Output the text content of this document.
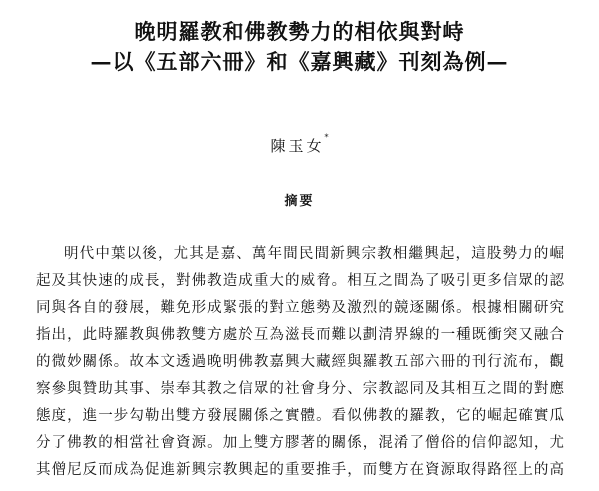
晚明羅教和佛教勢力的相依與對峙
—以《五部六冊》和《嘉興藏》刊刻為例—
陳玉女*
摘要
明代中葉以後，尤其是嘉、萬年間民間新興宗教相繼興起，這股勢力的崛
起及其快速的成長，對佛教造成重大的威脅。相互之間為了吸引更多信眾的認
同與各自的發展，難免形成緊張的對立態勢及激烈的競逐關係。根據相關研究
指出，此時羅教與佛教雙方處於互為滋長而難以劃清界線的一種既衝突又融合
的微妙關係。故本文透過晚明佛教嘉興大藏經與羅教五部六冊的刊行流布，觀
察參與贊助其事、崇奉其教之信眾的社會身分、宗教認同及其相互之間的對應
態度，進一步勾勒出雙方發展關係之實體。看似佛教的羅教，它的崛起確實瓜
分了佛教的相當社會資源。加上雙方膠著的關係，混淆了僧俗的信仰認知，尤
其僧尼反而成為促進新興宗教興起的重要推手，而雙方在資源取得路徑上的高
